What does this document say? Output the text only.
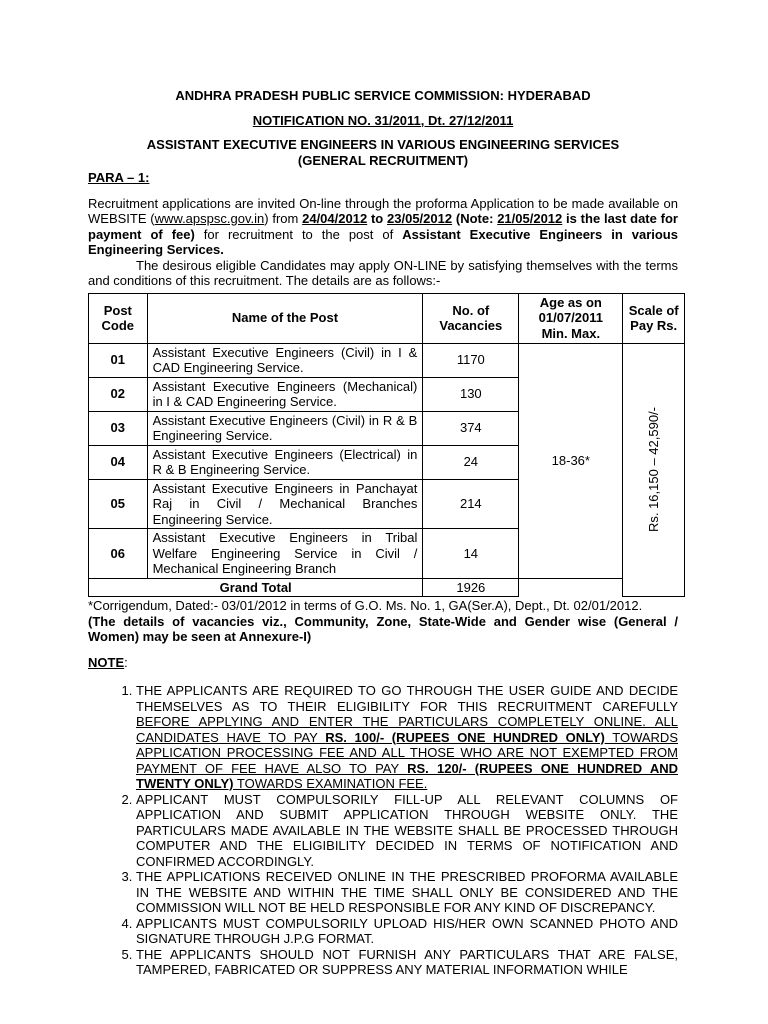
ANDHRA PRADESH PUBLIC SERVICE COMMISSION: HYDERABAD

NOTIFICATION NO. 31/2011, Dt. 27/12/2011

ASSISTANT EXECUTIVE ENGINEERS IN VARIOUS ENGINEERING SERVICES

(GENERAL RECRUITMENT)

PARA – 1:

Recruitment applications are invited On-line through the proforma Application to be made available on WEBSITE (www.apspsc.gov.in) from 24/04/2012 to 23/05/2012 (Note: 21/05/2012 is the last date for payment of fee) for recruitment to the post of Assistant Executive Engineers in various Engineering Services.

The desirous eligible Candidates may apply ON-LINE by satisfying themselves with the terms and conditions of this recruitment. The details are as follows:-

Post Code	Name of the Post	No. of Vacancies	Age as on 01/07/2011 Min. Max.	Scale of Pay Rs.
01	Assistant Executive Engineers (Civil) in I & CAD Engineering Service.	1170	18-36*	Rs. 16,150 – 42,590/-

02	Assistant Executive Engineers (Mechanical) in I & CAD Engineering Service.	130		
03	Assistant Executive Engineers (Civil) in R & B Engineering Service.	374		
04	Assistant Executive Engineers (Electrical) in R & B Engineering Service.	24		
05	Assistant Executive Engineers in Panchayat Raj in Civil / Mechanical Branches Engineering Service.	214		
06	Assistant Executive Engineers in Tribal Welfare Engineering Service in Civil / Mechanical Engineering Branch	14		
Grand Total		1926		

*Corrigendum, Dated:- 03/01/2012 in terms of G.O. Ms. No. 1, GA(Ser.A), Dept., Dt. 02/01/2012.

(The details of vacancies viz., Community, Zone, State-Wide and Gender wise (General / Women) may be seen at Annexure-I)

NOTE:

1. THE APPLICANTS ARE REQUIRED TO GO THROUGH THE USER GUIDE AND DECIDE THEMSELVES AS TO THEIR ELIGIBILITY FOR THIS RECRUITMENT CAREFULLY BEFORE APPLYING AND ENTER THE PARTICULARS COMPLETELY ONLINE. ALL CANDIDATES HAVE TO PAY RS. 100/- (RUPEES ONE HUNDRED ONLY) TOWARDS APPLICATION PROCESSING FEE AND ALL THOSE WHO ARE NOT EXEMPTED FROM PAYMENT OF FEE HAVE ALSO TO PAY RS. 120/- (RUPEES ONE HUNDRED AND TWENTY ONLY) TOWARDS EXAMINATION FEE.
2. APPLICANT MUST COMPULSORILY FILL-UP ALL RELEVANT COLUMNS OF APPLICATION AND SUBMIT APPLICATION THROUGH WEBSITE ONLY. THE PARTICULARS MADE AVAILABLE IN THE WEBSITE SHALL BE PROCESSED THROUGH COMPUTER AND THE ELIGIBILITY DECIDED IN TERMS OF NOTIFICATION AND CONFIRMED ACCORDINGLY.
3. THE APPLICATIONS RECEIVED ONLINE IN THE PRESCRIBED PROFORMA AVAILABLE IN THE WEBSITE AND WITHIN THE TIME SHALL ONLY BE CONSIDERED AND THE COMMISSION WILL NOT BE HELD RESPONSIBLE FOR ANY KIND OF DISCREPANCY.
4. APPLICANTS MUST COMPULSORILY UPLOAD HIS/HER OWN SCANNED PHOTO AND SIGNATURE THROUGH J.P.G FORMAT.
5. THE APPLICANTS SHOULD NOT FURNISH ANY PARTICULARS THAT ARE FALSE, TAMPERED, FABRICATED OR SUPPRESS ANY MATERIAL INFORMATION WHILE
